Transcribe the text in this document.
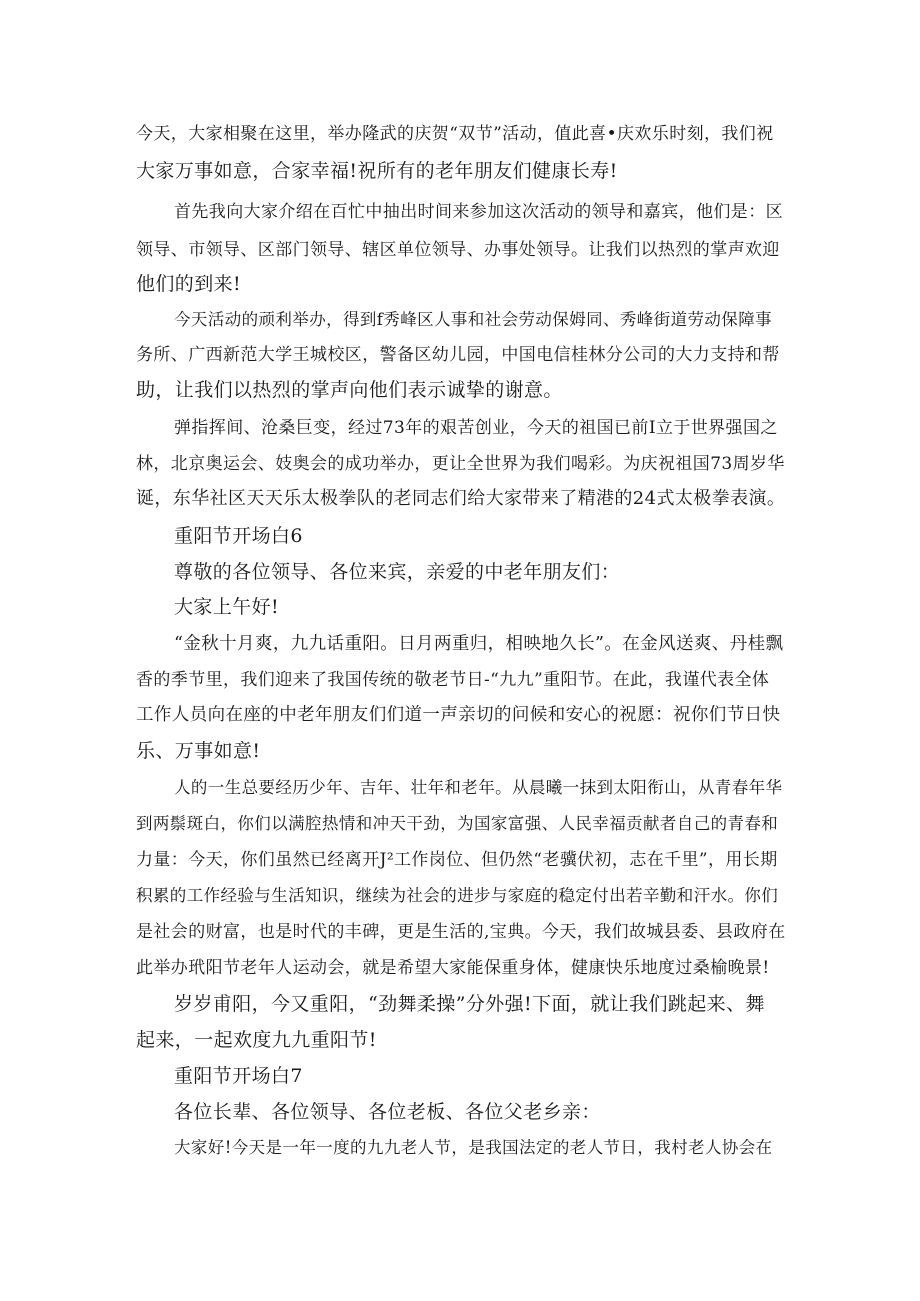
今天，大家相聚在这里，举办隆武的庆贺“双节”活动，值此喜•庆欢乐时刻，我们祝
大家万事如意，合家幸福!祝所有的老年朋友们健康长寿!
首先我向大家介绍在百忙中抽出时间来参加这次活动的领导和嘉宾，他们是：区
领导、市领导、区部门领导、辖区单位领导、办事处领导。让我们以热烈的掌声欢迎
他们的到来!
今天活动的顽利举办，得到f秀峰区人事和社会劳动保姆同、秀峰街道劳动保障事
务所、广西新范大学王城校区，警备区幼儿园，中国电信桂林分公司的大力支持和帮
助，让我们以热烈的掌声向他们表示诚挚的谢意。
弹指挥间、沧桑巨变，经过73年的艰苦创业，今天的祖国已前I立于世界强国之
林，北京奥运会、妓奥会的成功举办，更让全世界为我们喝彩。为庆祝祖国73周岁华
诞，东华社区天天乐太极拳队的老同志们给大家带来了精港的24式太极拳表演。
重阳节开场白6
尊敬的各位领导、各位来宾，亲爱的中老年朋友们：
大家上午好!
“金秋十月爽，九九话重阳。日月两重归，相映地久长”。在金风送爽、丹桂飘
香的季节里，我们迎来了我国传统的敬老节日-“九九”重阳节。在此，我谨代表全体
工作人员向在座的中老年朋友们们道一声亲切的问候和安心的祝愿：祝你们节日快
乐、万事如意!
人的一生总要经历少年、吉年、壮年和老年。从晨曦一抹到太阳衔山，从青春年华
到两鬃斑白，你们以满腔热情和冲天干劲，为国家富强、人民幸福贡献者自己的青春和
力量：今天，你们虽然已经离开J²工作岗位、但仍然“老骥伏初，志在千里”，用长期
积累的工作经验与生活知识，继续为社会的进步与家庭的稳定付出若辛勤和汗水。你们
是社会的财富，也是时代的丰碑，更是生活的,宝典。今天，我们故城县委、县政府在
此举办玳阳节老年人运动会，就是希望大家能保重身体，健康快乐地度过桑榆晚景!
岁岁甫阳，今又重阳，“劲舞柔操”分外强!下面，就让我们跳起来、舞
起来，一起欢度九九重阳节!
重阳节开场白7
各位长辈、各位领导、各位老板、各位父老乡亲：
大家好!今天是一年一度的九九老人节，是我国法定的老人节日，我村老人协会在
